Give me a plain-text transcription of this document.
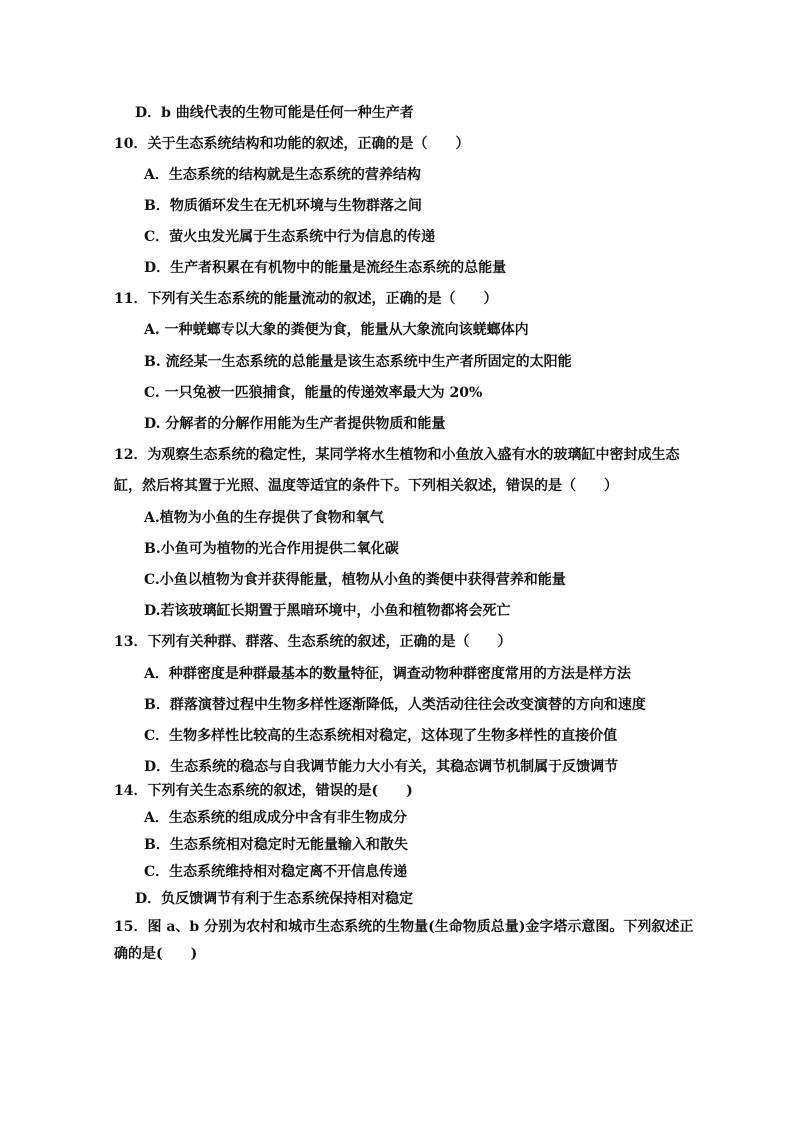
D．b 曲线代表的生物可能是任何一种生产者
10．关于生态系统结构和功能的叙述，正确的是（　　）
A．生态系统的结构就是生态系统的营养结构
B．物质循环发生在无机环境与生物群落之间
C．萤火虫发光属于生态系统中行为信息的传递
D．生产者积累在有机物中的能量是流经生态系统的总能量
11．下列有关生态系统的能量流动的叙述，正确的是（　　）
A. 一种蜣螂专以大象的粪便为食，能量从大象流向该蜣螂体内
B. 流经某一生态系统的总能量是该生态系统中生产者所固定的太阳能
C. 一只兔被一匹狼捕食，能量的传递效率最大为 20%
D. 分解者的分解作用能为生产者提供物质和能量
12．为观察生态系统的稳定性，某同学将水生植物和小鱼放入盛有水的玻璃缸中密封成生态
缸，然后将其置于光照、温度等适宜的条件下。下列相关叙述，错误的是（　　）
A.植物为小鱼的生存提供了食物和氧气
B.小鱼可为植物的光合作用提供二氧化碳
C.小鱼以植物为食并获得能量，植物从小鱼的粪便中获得营养和能量
D.若该玻璃缸长期置于黑暗环境中，小鱼和植物都将会死亡
13．下列有关种群、群落、生态系统的叙述，正确的是（　　）
A．种群密度是种群最基本的数量特征，调查动物种群密度常用的方法是样方法
B．群落演替过程中生物多样性逐渐降低，人类活动往往会改变演替的方向和速度
C．生物多样性比较高的生态系统相对稳定，这体现了生物多样性的直接价值
D．生态系统的稳态与自我调节能力大小有关，其稳态调节机制属于反馈调节
14．下列有关生态系统的叙述，错误的是(　　)
A．生态系统的组成成分中含有非生物成分
B．生态系统相对稳定时无能量输入和散失
C．生态系统维持相对稳定离不开信息传递
D．负反馈调节有利于生态系统保持相对稳定
15．图 a、b 分别为农村和城市生态系统的生物量(生命物质总量)金字塔示意图。下列叙述正
确的是(　　)
